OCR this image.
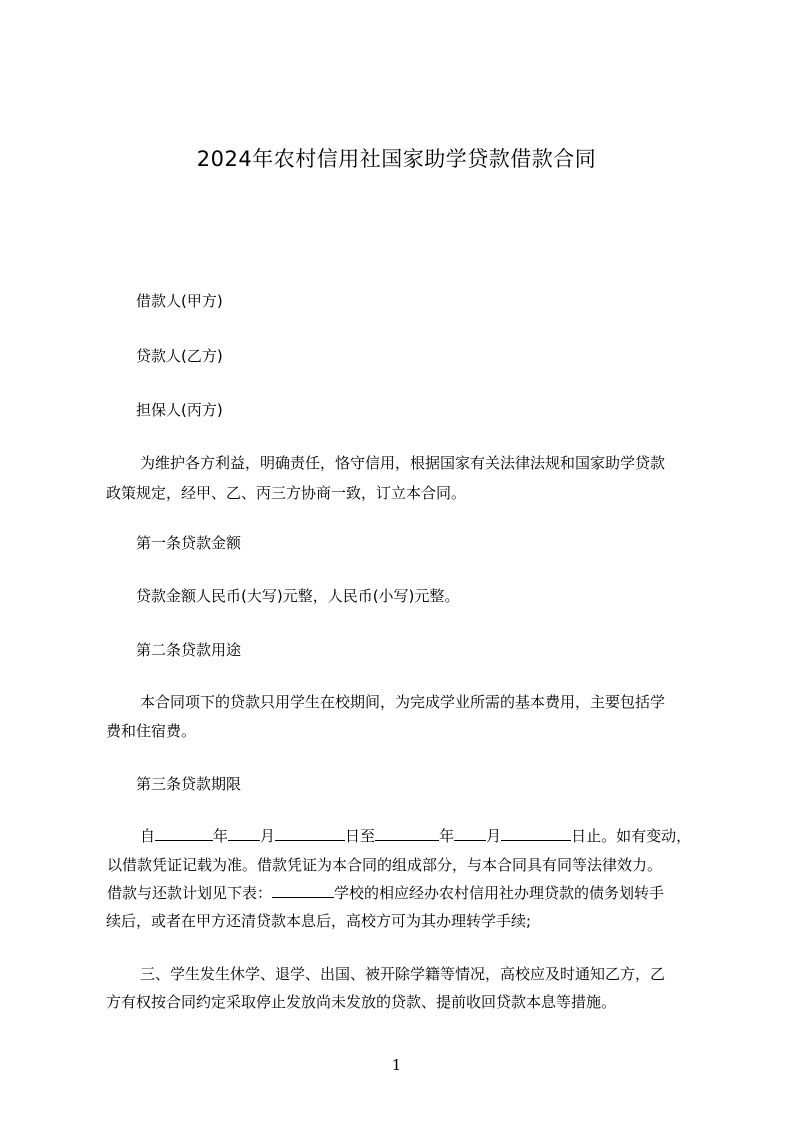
2024年农村信用社国家助学贷款借款合同
借款人(甲方)
贷款人(乙方)
担保人(丙方)
为维护各方利益，明确责任，恪守信用，根据国家有关法律法规和国家助学贷款
政策规定，经甲、乙、丙三方协商一致，订立本合同。
第一条贷款金额
贷款金额人民币(大写)元整，人民币(小写)元整。
第二条贷款用途
本合同项下的贷款只用学生在校期间，为完成学业所需的基本费用，主要包括学
费和住宿费。
第三条贷款期限
自	年 月	日至	年 月	日止。如有变动，
以借款凭证记载为准。借款凭证为本合同的组成部分，与本合同具有同等法律效力。
借款与还款计划见下表：	学校的相应经办农村信用社办理贷款的债务划转手
续后，或者在甲方还清贷款本息后，高校方可为其办理转学手续;
三、学生发生休学、退学、出国、被开除学籍等情况，高校应及时通知乙方，乙
方有权按合同约定采取停止发放尚未发放的贷款、提前收回贷款本息等措施。
1
